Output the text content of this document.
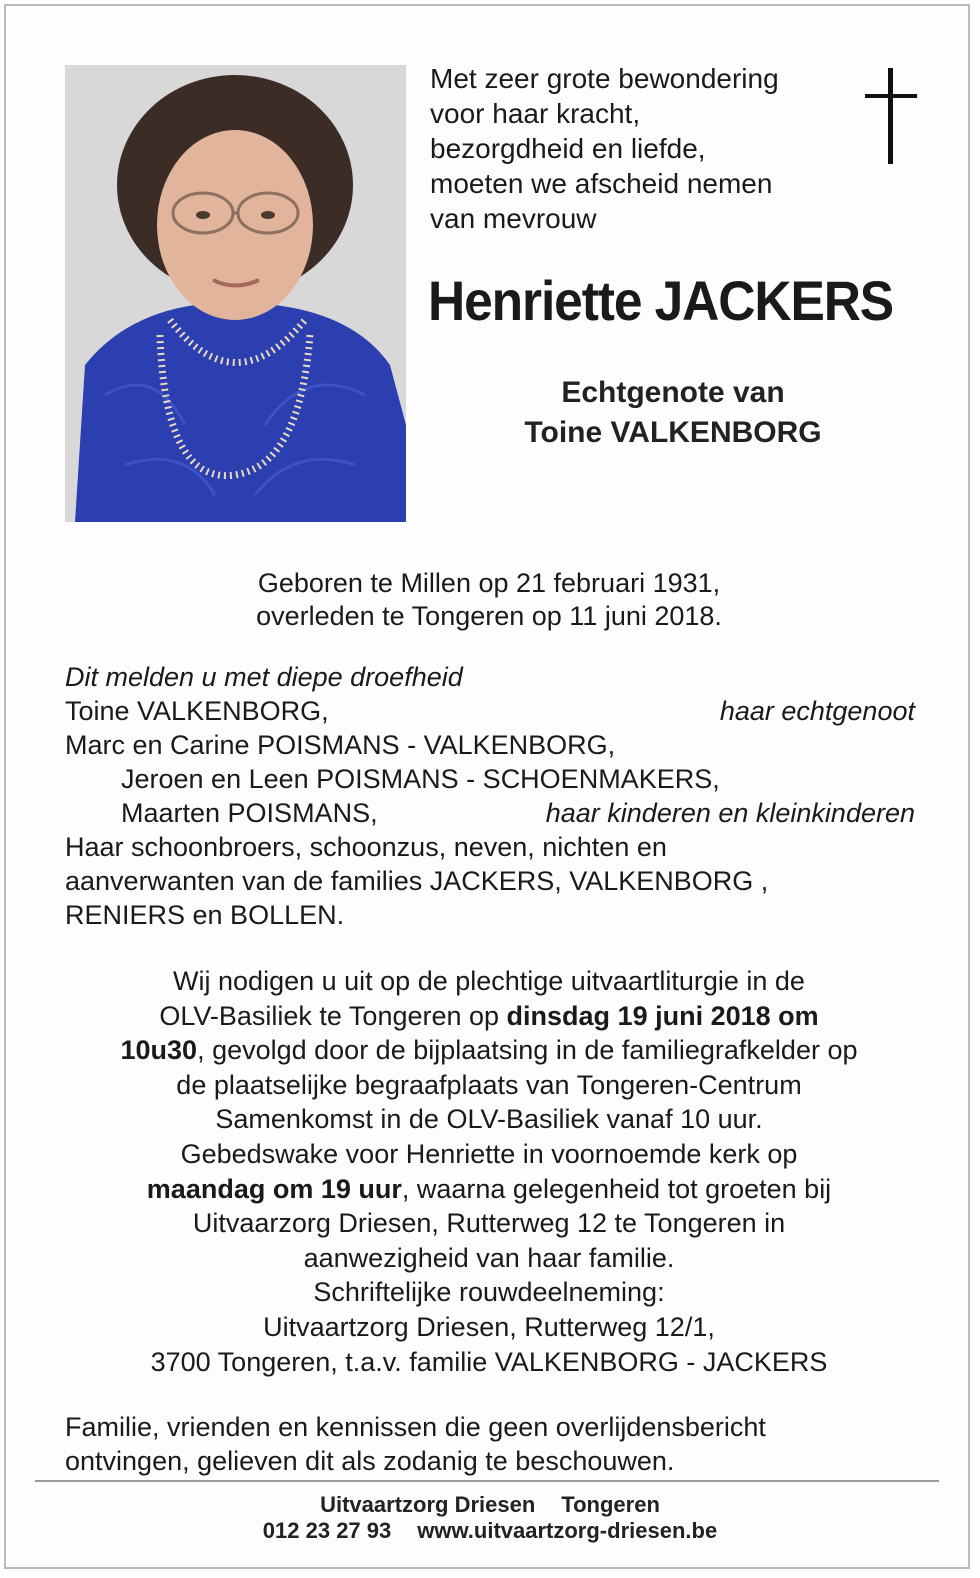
Met zeer grote bewondering
voor haar kracht,
bezorgdheid en liefde,
moeten we afscheid nemen
van mevrouw
Henriette JACKERS
Echtgenote van
Toine VALKENBORG
Geboren te Millen op 21 februari 1931,
overleden te Tongeren op 11 juni 2018.
Dit melden u met diepe droefheid
Toine VALKENBORG,	haar echtgenoot
Marc en Carine POISMANS - VALKENBORG,
Jeroen en Leen POISMANS - SCHOENMAKERS,
Maarten POISMANS,	haar kinderen en kleinkinderen
Haar schoonbroers, schoonzus, neven, nichten en
aanverwanten van de families JACKERS, VALKENBORG ,
RENIERS en BOLLEN.
Wij nodigen u uit op de plechtige uitvaartliturgie in de
OLV-Basiliek te Tongeren op dinsdag 19 juni 2018 om
10u30, gevolgd door de bijplaatsing in de familiegrafkelder op
de plaatselijke begraafplaats van Tongeren-Centrum
Samenkomst in de OLV-Basiliek vanaf 10 uur.
Gebedswake voor Henriette in voornoemde kerk op
maandag om 19 uur, waarna gelegenheid tot groeten bij
Uitvaarzorg Driesen, Rutterweg 12 te Tongeren in
aanwezigheid van haar familie.
Schriftelijke rouwdeelneming:
Uitvaartzorg Driesen, Rutterweg 12/1,
3700 Tongeren, t.a.v. familie VALKENBORG - JACKERS
Familie, vrienden en kennissen die geen overlijdensbericht
ontvingen, gelieven dit als zodanig te beschouwen.
Uitvaartzorg Driesen Tongeren
012 23 27 93 www.uitvaartzorg-driesen.be
